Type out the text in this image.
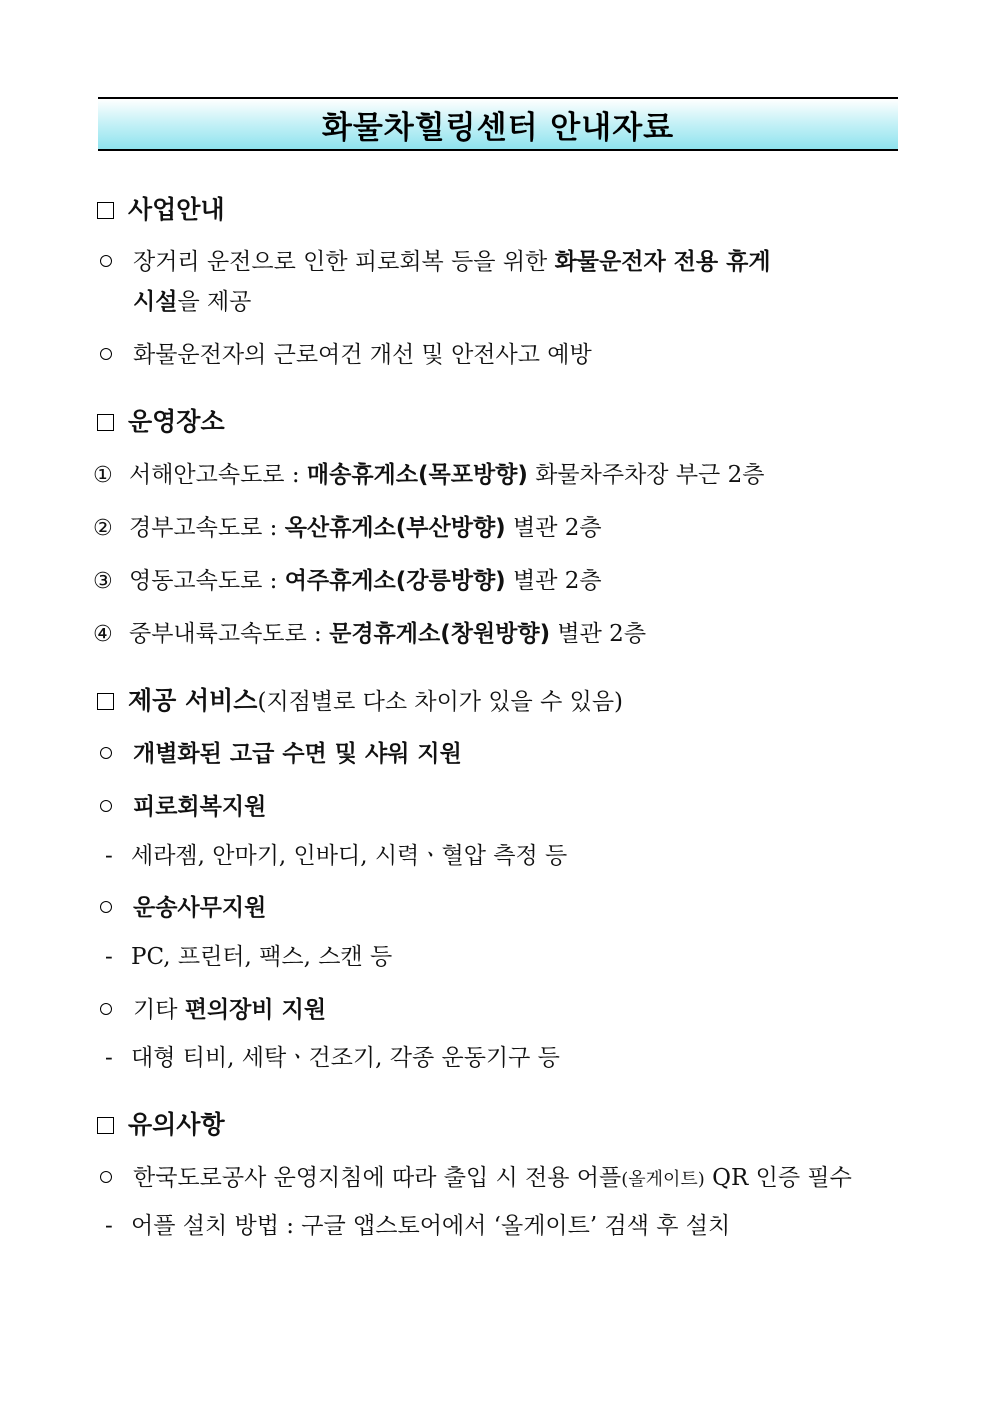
화물차힐링센터 안내자료
사업안내
장거리 운전으로 인한 피로회복 등을 위한 화물운전자 전용 휴게
시설을 제공
화물운전자의 근로여건 개선 및 안전사고 예방
운영장소
① 서해안고속도로 : 매송휴게소(목포방향) 화물차주차장 부근 2층
② 경부고속도로 : 옥산휴게소(부산방향) 별관 2층
③ 영동고속도로 : 여주휴게소(강릉방향) 별관 2층
④ 중부내륙고속도로 : 문경휴게소(창원방향) 별관 2층
제공 서비스(지점별로 다소 차이가 있을 수 있음)
개별화된 고급 수면 및 샤워 지원
피로회복지원
- 세라젬, 안마기, 인바디, 시력ㆍ혈압 측정 등
운송사무지원
- PC, 프린터, 팩스, 스캔 등
기타 편의장비 지원
- 대형 티비, 세탁ㆍ건조기, 각종 운동기구 등
유의사항
한국도로공사 운영지침에 따라 출입 시 전용 어플(올게이트) QR 인증 필수
- 어플 설치 방법 : 구글 앱스토어에서 ‘올게이트’ 검색 후 설치
